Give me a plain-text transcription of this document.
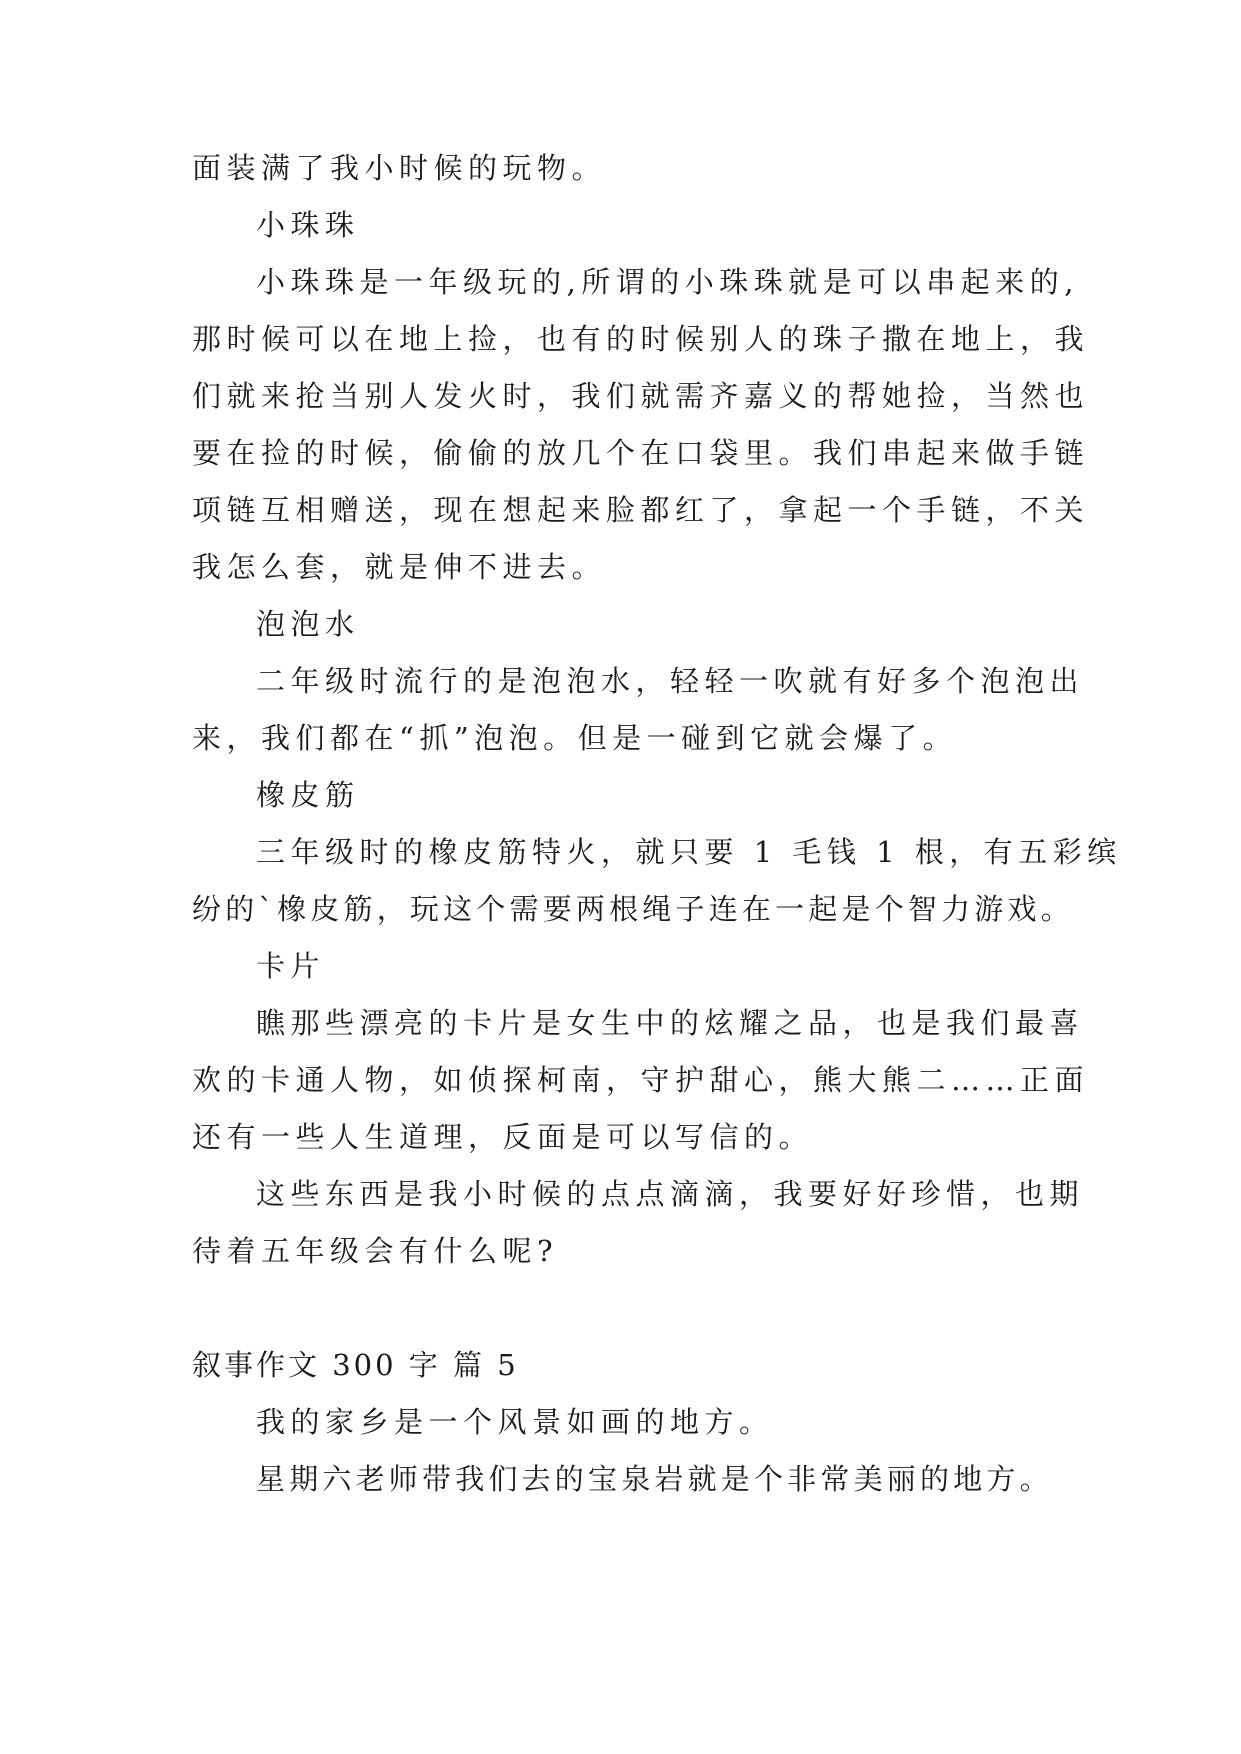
面装满了我小时候的玩物。
小珠珠
小珠珠是一年级玩的,所谓的小珠珠就是可以串起来的,
那时候可以在地上捡，也有的时候别人的珠子撒在地上，我
们就来抢当别人发火时，我们就需齐嘉义的帮她捡，当然也
要在捡的时候，偷偷的放几个在口袋里。我们串起来做手链
项链互相赠送，现在想起来脸都红了，拿起一个手链，不关
我怎么套，就是伸不进去。
泡泡水
二年级时流行的是泡泡水，轻轻一吹就有好多个泡泡出
来，我们都在“抓”泡泡。但是一碰到它就会爆了。
橡皮筋
三年级时的橡皮筋特火，就只要 1 毛钱 1 根，有五彩缤
纷的`橡皮筋，玩这个需要两根绳子连在一起是个智力游戏。
卡片
瞧那些漂亮的卡片是女生中的炫耀之品，也是我们最喜
欢的卡通人物，如侦探柯南，守护甜心，熊大熊二……正面
还有一些人生道理，反面是可以写信的。
这些东西是我小时候的点点滴滴，我要好好珍惜，也期
待着五年级会有什么呢?
叙事作文 300 字 篇 5
我的家乡是一个风景如画的地方。
星期六老师带我们去的宝泉岩就是个非常美丽的地方。
